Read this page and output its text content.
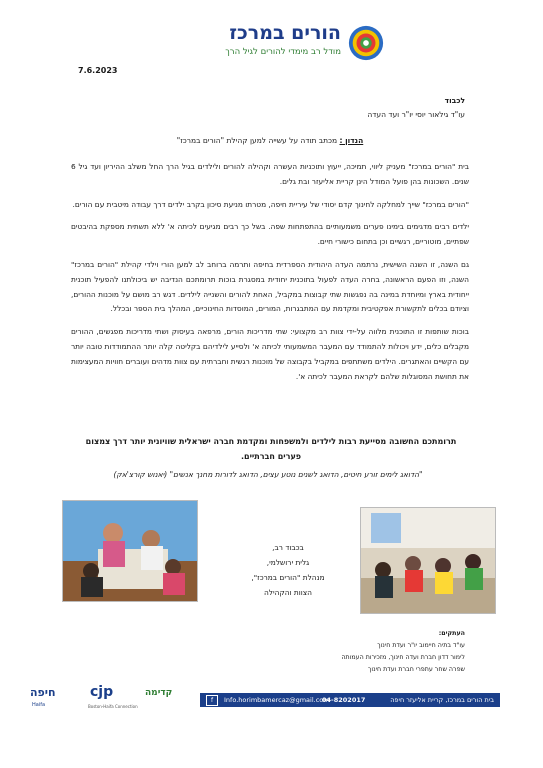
הורים במרכז
מודל רב מימדי להורים לגיל הרך
7.6.2023
לכבוד
עו"ד גילאור יוסי יו"ר ועד העדה
הנדון : מכתב תודה על עשייה למען קהילת "הורים במרכז"

בית "הורים במרכז" מעניק ליווי, תמיכה, ייעוץ ותוכניות העשרה וקהילה להורים ולילדים בגיל הרך החל משלב ההיריון ועד גיל 6 שנים. השכונות בהן פועל המודל הינן קריית אליעזר ובת גלים.

"הורים במרכז" שייך למחלקה לחינוך קדם יסודי של עיריית חיפה, מטרתו מניעת סיכון בקרב ילדים דרך עבודה מיטבית עם הורים.

ילדים רבים מדגימים בימינו פערים משמעותיים בהתפתחות שפה. בשל כך רבים מגיעים לכיתה א' ללא תשתית מספקת בהיבטים שפתיים, מוטוריים, רגשיים וכן בתחום כישורי חיים.

גם השנה, זו השנה השישית, נרתמה העדה היהודית הספרדית בחיפה ותרמה ברוחב לב למען הורי וילדי קהילת "הורים במרכז" השנה, וזו הפעם הראשונה, בחרה העדה לפעול בתוכנית יחודית במסגרת בוכות תרומתכם הנדיבה יש ביכולתנו להפעיל תוכנית ייחודית בארץ ומיוחדת במינה בה נפגשות שתי קבוצות במקביל, האחת להורים והשנייה לילדים. דגש רב מושם על מוכנות ההורים, וציודם בכלים לתקשורת אפקטיבית ומקדמת עם המתבגרות, המורים, המוסדות החינוכיים, המהלך בית הספר ובכלל.

בוכות שותפות זו התוכנית מלווה על-ידי צוות רב מקצועי: שתי מדריכות הורים, מרפאה בעיסוק ושתי מדריכות מפגשים, ההורים מקבלים כלים, ידע ויכולות להתמודד עם המעבר המשמעותי לכיתה א' ולסייע לילדיהם בקליטה קלה יותר ההתמודדות טובה יותר עם הקשיים והאתגרים. הילדים משתתפים במקביל בקבוצה של מוכנות רגשית וחברתית עם צוות מדהים ועוברים חוויות המעצימות את תחושת המסוגלות שלהם לקראת המעבר לכיתה א'.

תרומתכם החשובה מסייעת רבות לילדים ולמשפחות ומקדמת חברה ישראלית שוויונית יותר דרך צמצום פערים חברתיים.
"הדואג לימים זורע חיטים, הדואג לשנים נוטע עצים, הדואג לדורות מחנך אנשים" (יאנוש קורצ'אק)
בכבוד רב,
גלית ירושלמי,
מנהלת "הורים במרכז",
הצוות והקהילה
העתקים:
עו"ד בתיה חיימוב יו"ר ועדת חינוך
לימור דדון חברת ועדה חינוך, מזכירות העמותה
שפרה שחר עתפרי חברת ועדת חינוך
חיפה
Haifa
cjp
Boston-Haifa Connection
קדימה
f	Info.horimbamercaz@gmail.com
04-8202017	בית הורים במרכז, קריית אליעזר חיפה
